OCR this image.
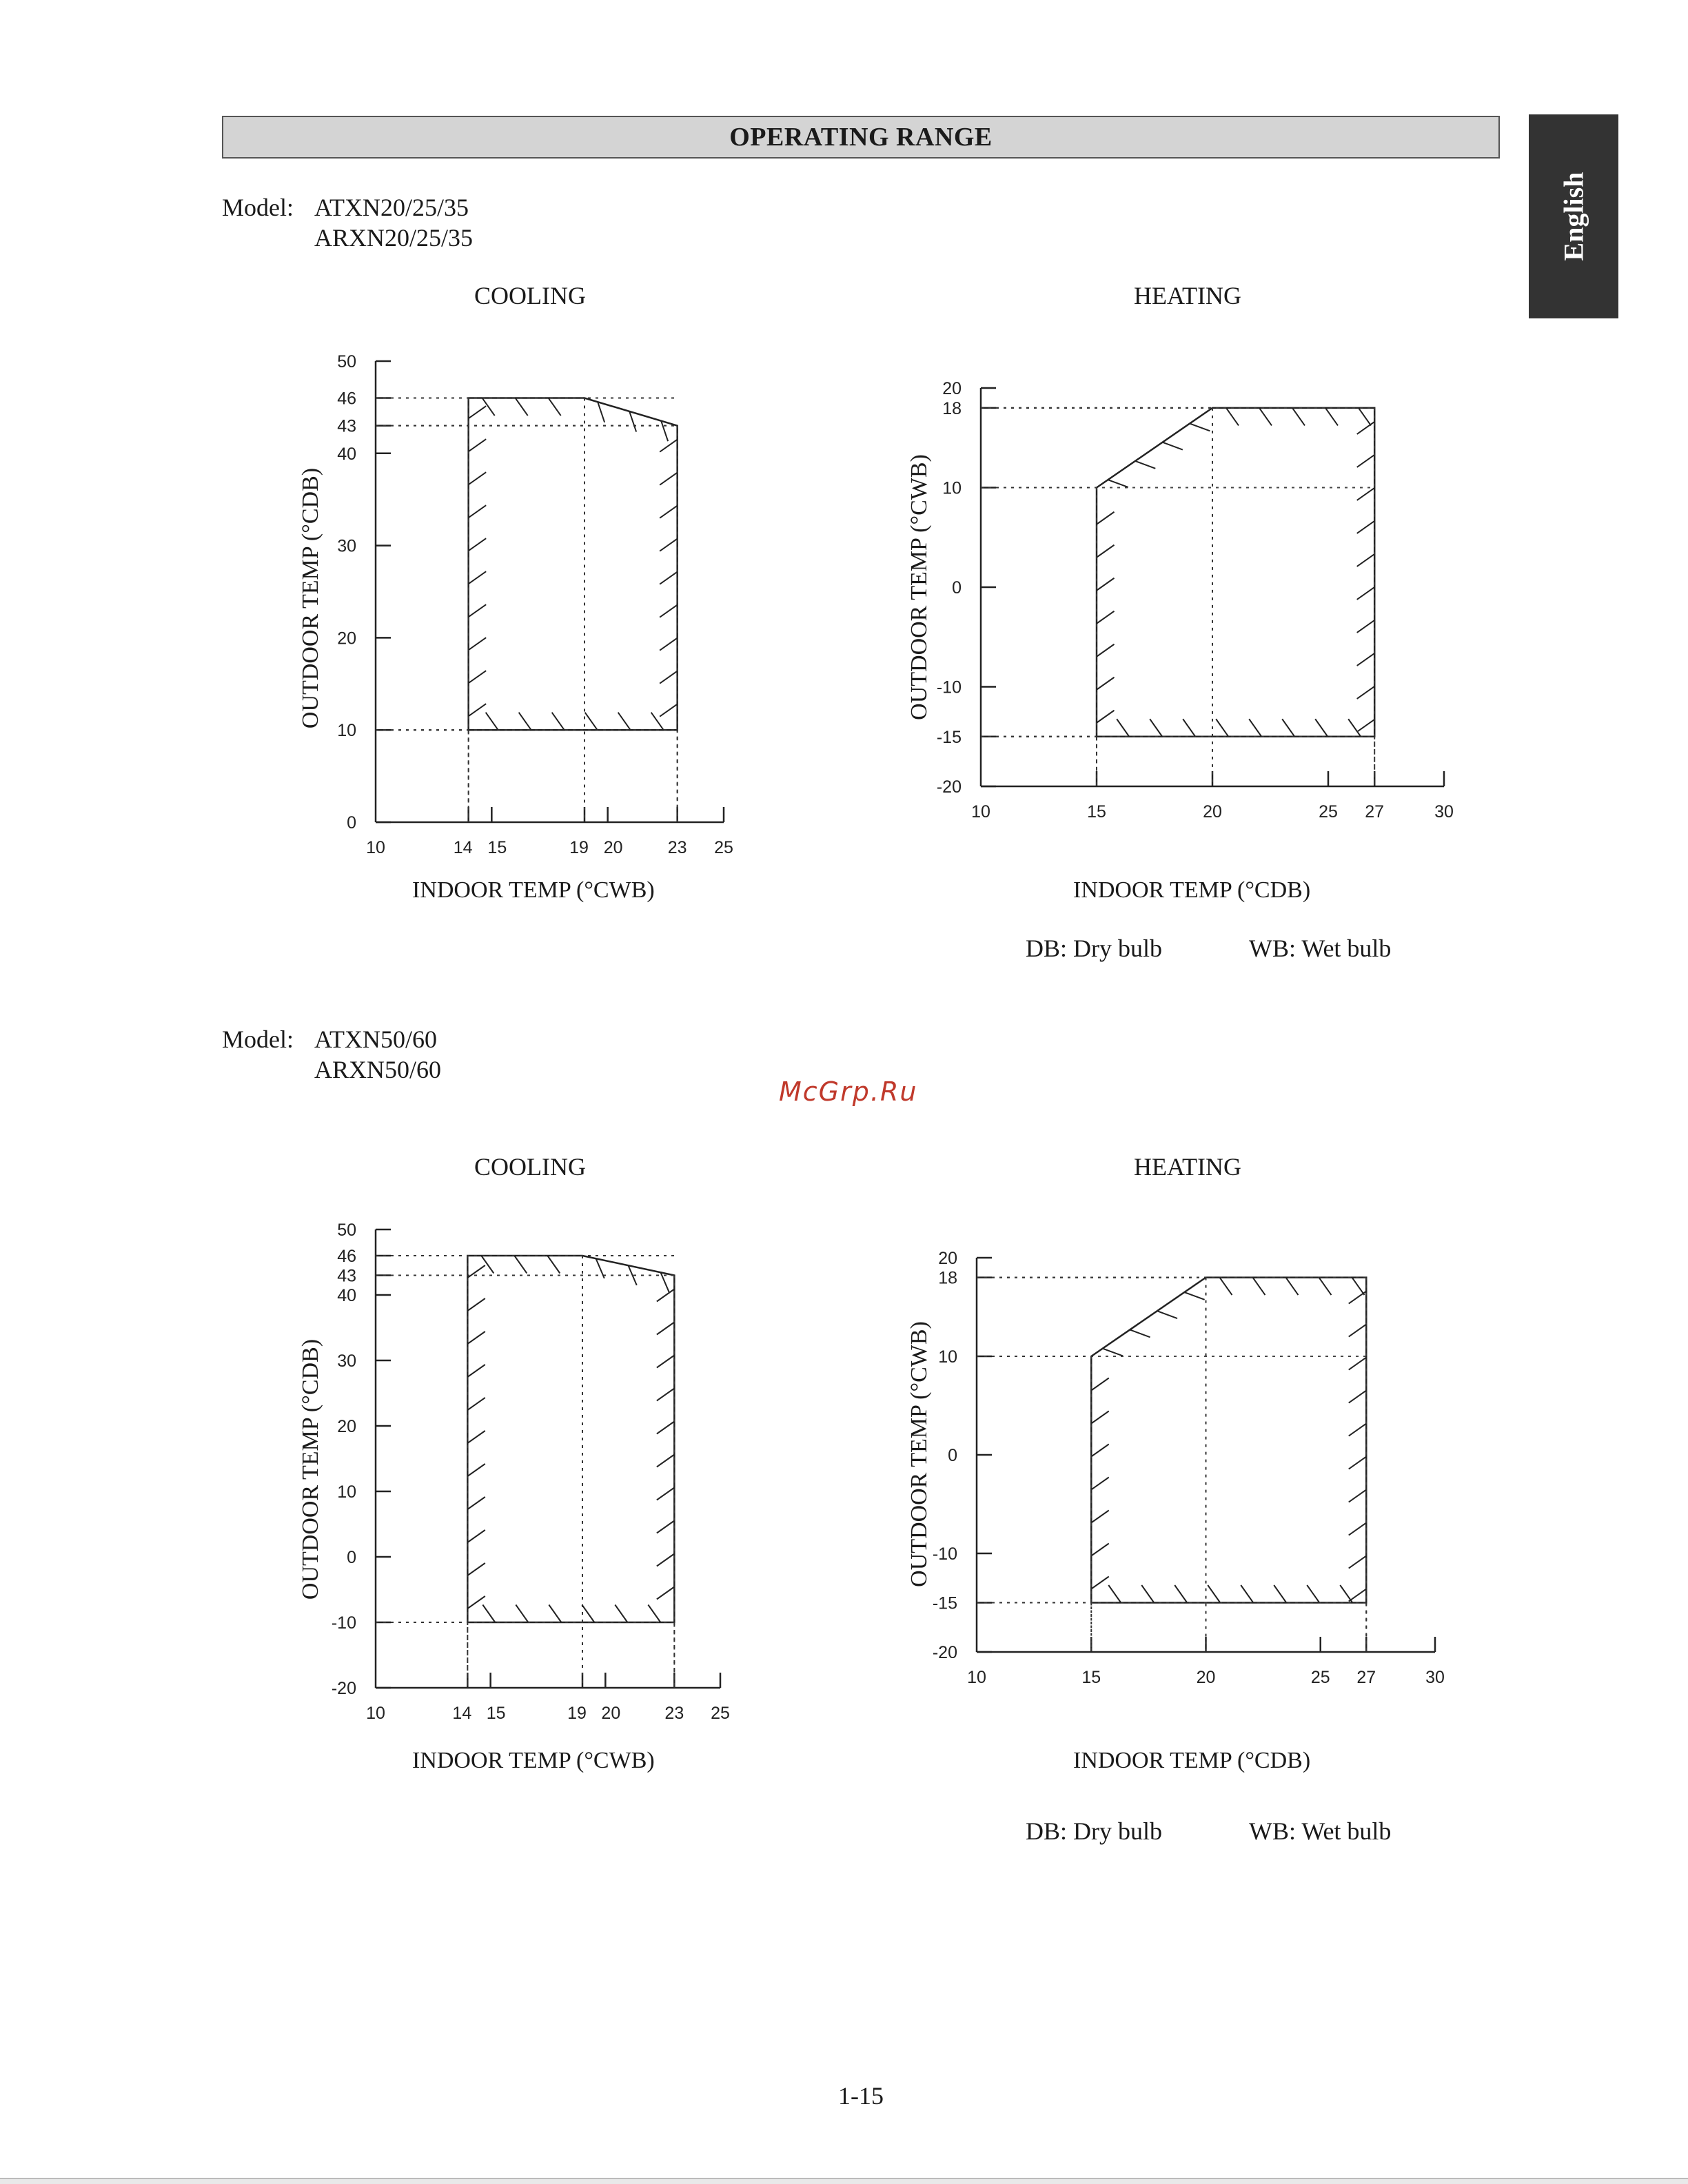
OPERATING RANGE
English
Model: ATXN20/25/35
ARXN20/25/35
Model: ATXN50/60
ARXN50/60
McGrp.Ru
COOLING	HEATING
COOLING	HEATING
INDOOR TEMP (°CWB)	INDOOR TEMP (°CDB)
INDOOR TEMP (°CWB)	INDOOR TEMP (°CDB)
OUTDOOR TEMP (°CDB)	OUTDOOR TEMP (°CWB)
OUTDOOR TEMP (°CDB)	OUTDOOR TEMP (°CWB)
DB: Dry bulb	WB: Wet bulb
DB: Dry bulb	WB: Wet bulb
1-15
0
10
20
30
40
43
46
50
10	14 15	19 20	23 25
-20
-15
-10
0
10
18
20
10	15	20	25 27	30
-20
-10
0
10
20
30
40
43
46
50
10	14 15	19 20	23 25
-20
-15
-10
0
10
18
20
10	15	20	25 27	30
